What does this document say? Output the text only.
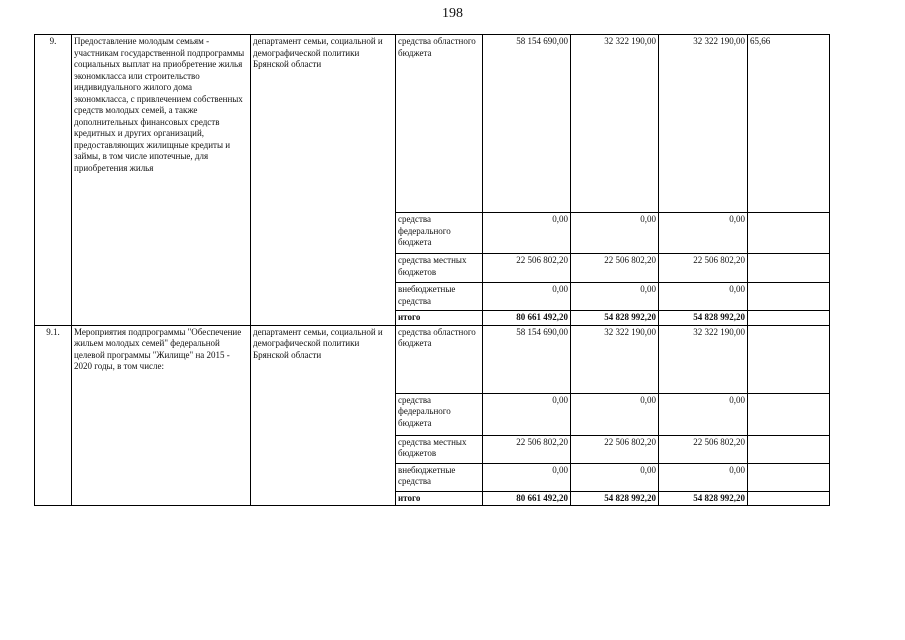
198
9.	Предоставление молодым семьям - участникам государственной подпрограммы социальных выплат на приобретение жилья экономкласса или строительство индивидуального жилого дома экономкласса, с привлечением собственных средств молодых семей, а также дополнительных финансовых средств кредитных и других организаций, предоставляющих жилищные кредиты и займы, в том числе ипотечные, для приобретения жилья	департамент семьи, социальной и демографической политики Брянской области	средства областного бюджета	58 154 690,00	32 322 190,00	32 322 190,00	65,66
			средства федерального бюджета	0,00	0,00	0,00	
			средства местных бюджетов	22 506 802,20	22 506 802,20	22 506 802,20	
			внебюджетные средства	0,00	0,00	0,00	
			итого	80 661 492,20	54 828 992,20	54 828 992,20	
9.1.	Мероприятия подпрограммы "Обеспечение жильем молодых семей" федеральной целевой программы "Жилище" на 2015 - 2020 годы, в том числе:	департамент семьи, социальной и демографической политики Брянской области	средства областного бюджета	58 154 690,00	32 322 190,00	32 322 190,00	
			средства федерального бюджета	0,00	0,00	0,00	
			средства местных бюджетов	22 506 802,20	22 506 802,20	22 506 802,20	
			внебюджетные средства	0,00	0,00	0,00	
			итого	80 661 492,20	54 828 992,20	54 828 992,20	
